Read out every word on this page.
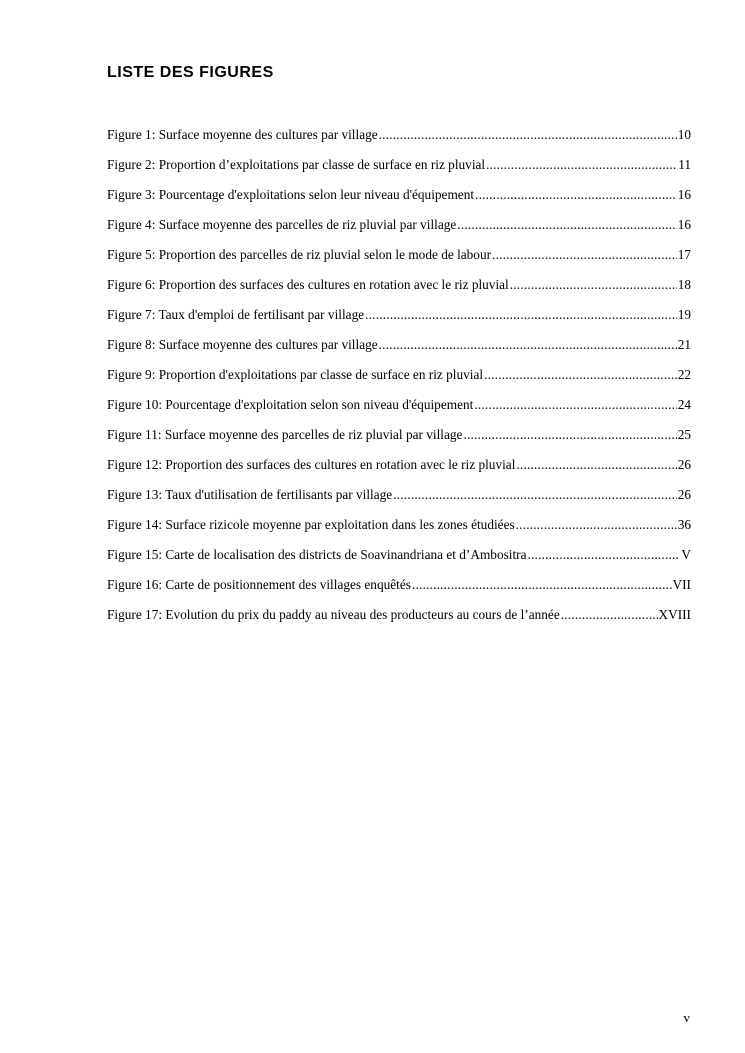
LISTE DES FIGURES
Figure 1: Surface moyenne des cultures par village .....	10
Figure 2: Proportion d’exploitations par classe de surface en riz pluvial .....	11
Figure 3: Pourcentage d'exploitations selon leur niveau d'équipement .....	16
Figure 4: Surface moyenne des parcelles de riz pluvial par village .....	16
Figure 5: Proportion des parcelles de riz pluvial selon le mode de labour .....	17
Figure 6: Proportion des surfaces des cultures en rotation avec le riz pluvial .....	18
Figure 7: Taux d'emploi de fertilisant par village .....	19
Figure 8: Surface moyenne des cultures par village .....	21
Figure 9: Proportion d'exploitations par classe de surface en riz pluvial .....	22
Figure 10: Pourcentage d'exploitation selon son niveau d'équipement .....	24
Figure 11: Surface moyenne des parcelles de riz pluvial par village .....	25
Figure 12: Proportion des surfaces des cultures en rotation avec le riz pluvial .....	26
Figure 13: Taux d'utilisation de fertilisants par village .....	26
Figure 14: Surface rizicole moyenne par exploitation dans les zones étudiées .....	36
Figure 15: Carte de localisation des districts de Soavinandriana et d’Ambositra .....	V
Figure 16: Carte de positionnement des villages enquêtés .....	VII
Figure 17: Evolution du prix du paddy au niveau des producteurs au cours de l’année .....	XVIII
v
